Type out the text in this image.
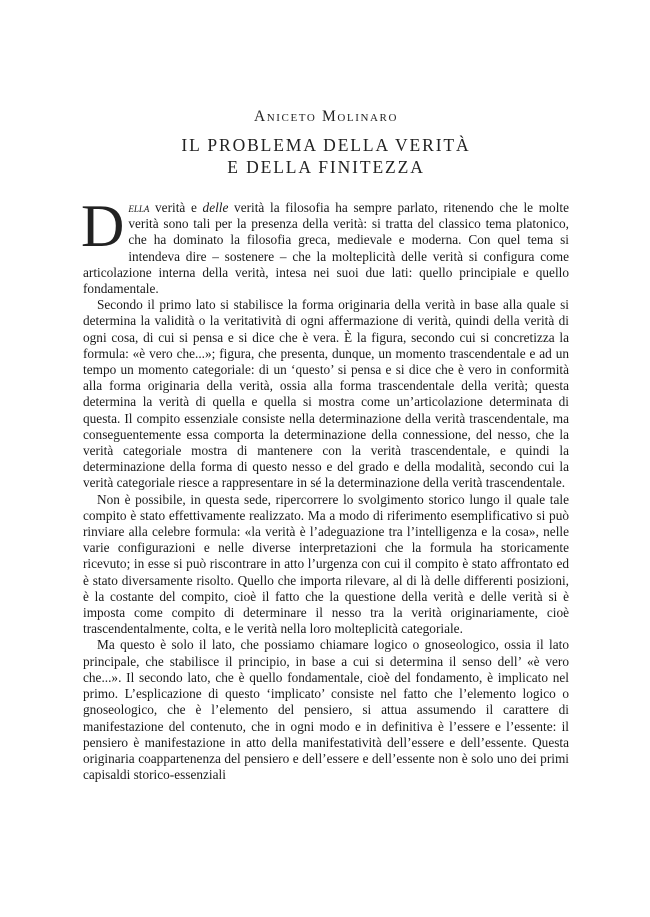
Aniceto Molinaro
IL PROBLEMA DELLA VERITÀ
E DELLA FINITEZZA

Della verità e delle verità la filosofia ha sempre parlato, ritenendo che le molte verità sono tali per la presenza della verità: si tratta del classico tema platonico, che ha dominato la filosofia greca, medievale e moderna. Con quel tema si intendeva dire – sostenere – che la molteplicità delle verità si configura come articolazione interna della verità, intesa nei suoi due lati: quello principiale e quello fondamentale.

Secondo il primo lato si stabilisce la forma originaria della verità in base alla quale si determina la validità o la veritatività di ogni affermazione di verità, quindi della verità di ogni cosa, di cui si pensa e si dice che è vera. È la figura, secondo cui si concretizza la formula: «è vero che...»; figura, che presenta, dunque, un momento trascendentale e ad un tempo un momento categoriale: di un ‘questo’ si pensa e si dice che è vero in conformità alla forma originaria della verità, ossia alla forma trascendentale della verità; questa determina la verità di quella e quella si mostra come un’articolazione determinata di questa. Il compito essenziale consiste nella determinazione della verità trascendentale, ma conseguentemente essa comporta la determinazione della connessione, del nesso, che la verità categoriale mostra di mantenere con la verità trascendentale, e quindi la determinazione della forma di questo nesso e del grado e della modalità, secondo cui la verità categoriale riesce a rappresentare in sé la determinazione della verità trascendentale.

Non è possibile, in questa sede, ripercorrere lo svolgimento storico lungo il quale tale compito è stato effettivamente realizzato. Ma a modo di riferimento esemplificativo si può rinviare alla celebre formula: «la verità è l’adeguazione tra l’intelligenza e la cosa», nelle varie configurazioni e nelle diverse interpretazioni che la formula ha storicamente ricevuto; in esse si può riscontrare in atto l’urgenza con cui il compito è stato affrontato ed è stato diversamente risolto. Quello che importa rilevare, al di là delle differenti posizioni, è la costante del compito, cioè il fatto che la questione della verità e delle verità si è imposta come compito di determinare il nesso tra la verità originariamente, cioè trascendentalmente, colta, e le verità nella loro molteplicità categoriale.

Ma questo è solo il lato, che possiamo chiamare logico o gnoseologico, ossia il lato principale, che stabilisce il principio, in base a cui si determina il senso dell’ «è vero che...». Il secondo lato, che è quello fondamentale, cioè del fondamento, è implicato nel primo. L’esplicazione di questo ‘implicato’ consiste nel fatto che l’elemento logico o gnoseologico, che è l’elemento del pensiero, si attua assumendo il carattere di manifestazione del contenuto, che in ogni modo e in definitiva è l’essere e l’essente: il pensiero è manifestazione in atto della manifestatività dell’essere e dell’essente. Questa originaria coappartenenza del pensiero e dell’essere e dell’essente non è solo uno dei primi capisaldi storico-essenziali
